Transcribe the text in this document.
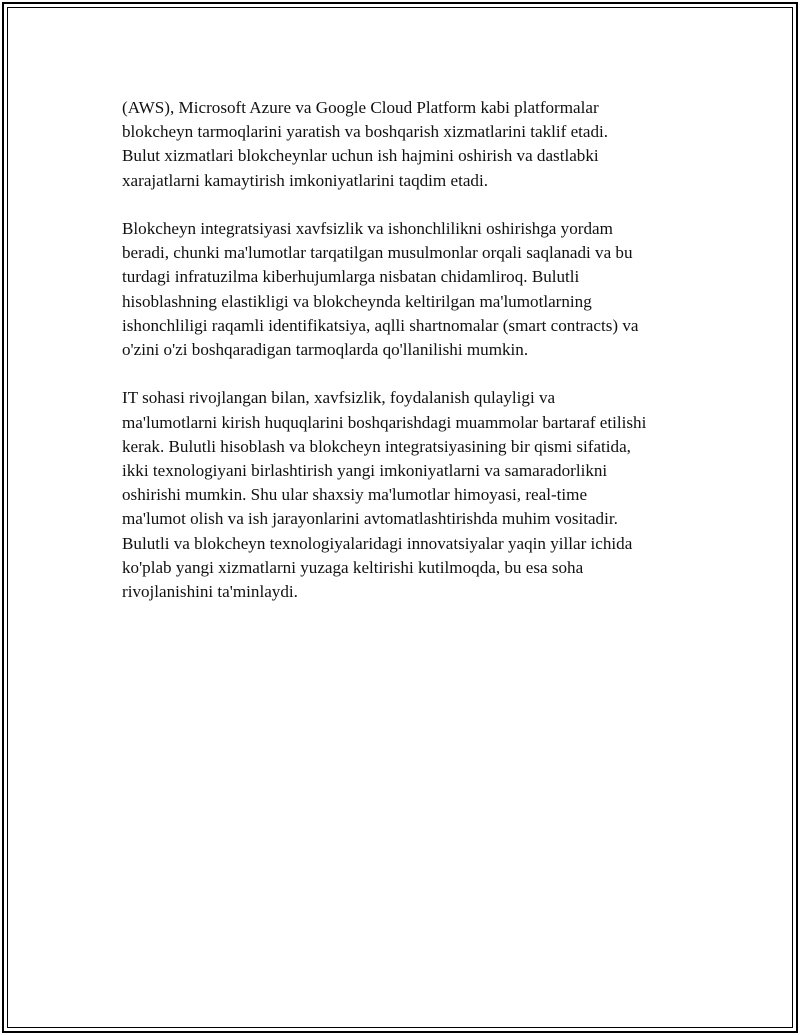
(AWS), Microsoft Azure va Google Cloud Platform kabi platformalar
blokcheyn tarmoqlarini yaratish va boshqarish xizmatlarini taklif etadi.
Bulut xizmatlari blokcheynlar uchun ish hajmini oshirish va dastlabki
xarajatlarni kamaytirish imkoniyatlarini taqdim etadi.

Blokcheyn integratsiyasi xavfsizlik va ishonchlilikni oshirishga yordam
beradi, chunki ma'lumotlar tarqatilgan musulmonlar orqali saqlanadi va bu
turdagi infratuzilma kiberhujumlarga nisbatan chidamliroq. Bulutli
hisoblashning elastikligi va blokcheynda keltirilgan ma'lumotlarning
ishonchliligi raqamli identifikatsiya, aqlli shartnomalar (smart contracts) va
o'zini o'zi boshqaradigan tarmoqlarda qo'llanilishi mumkin.

IT sohasi rivojlangan bilan, xavfsizlik, foydalanish qulayligi va
ma'lumotlarni kirish huquqlarini boshqarishdagi muammolar bartaraf etilishi
kerak. Bulutli hisoblash va blokcheyn integratsiyasining bir qismi sifatida,
ikki texnologiyani birlashtirish yangi imkoniyatlarni va samaradorlikni
oshirishi mumkin. Shu ular shaxsiy ma'lumotlar himoyasi, real-time
ma'lumot olish va ish jarayonlarini avtomatlashtirishda muhim vositadir.
Bulutli va blokcheyn texnologiyalaridagi innovatsiyalar yaqin yillar ichida
ko'plab yangi xizmatlarni yuzaga keltirishi kutilmoqda, bu esa soha
rivojlanishini ta'minlaydi.
